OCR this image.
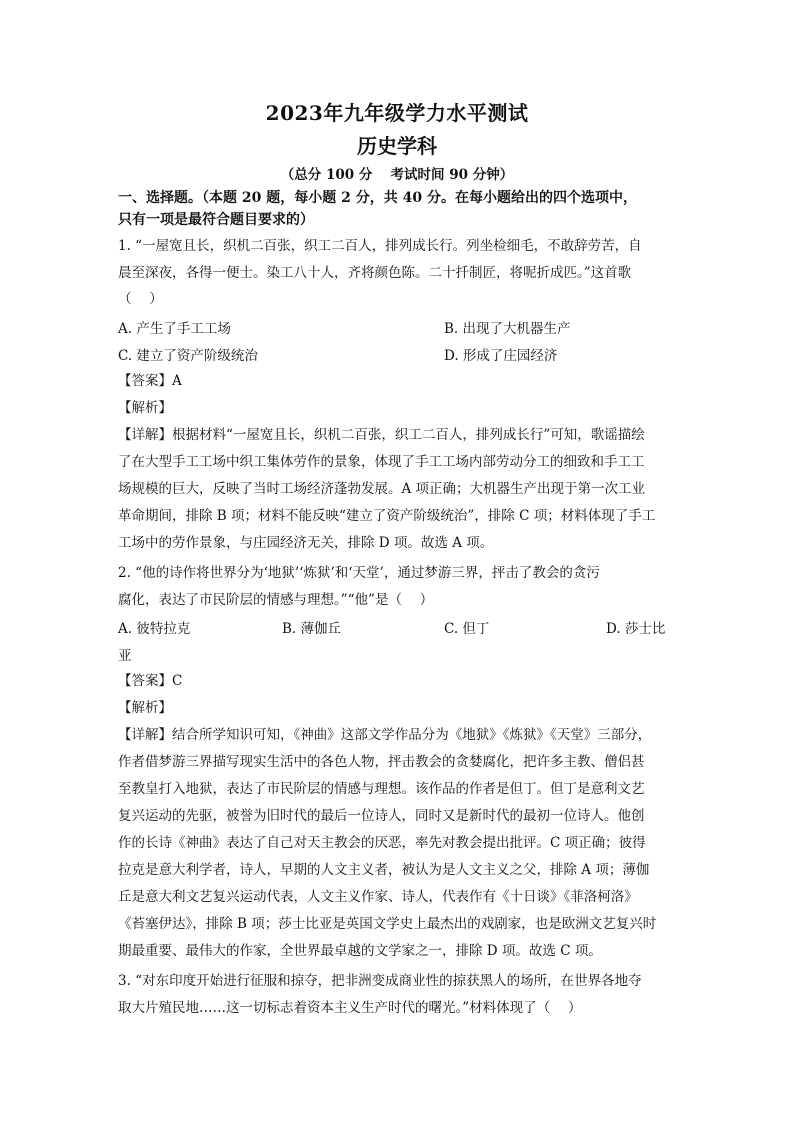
2023年九年级学力水平测试
历史学科
（总分 100 分　 考试时间 90 分钟）
一、选择题。（本题 20 题，每小题 2 分，共 40 分。在每小题给出的四个选项中，
只有一项是最符合题目要求的）
1. “一屋宽且长，织机二百张，织工二百人，排列成长行。列坐检细毛，不敢辞劳苦，自
晨至深夜，各得一便士。染工八十人，齐将颜色陈。二十扦制匠，将呢折成匹。”这首歌
（　 ）
A. 产生了手工工场	B. 出现了大机器生产
C. 建立了资产阶级统治	D. 形成了庄园经济
【答案】A
【解析】
【详解】根据材料“一屋宽且长，织机二百张，织工二百人，排列成长行”可知，歌谣描绘
了在大型手工工场中织工集体劳作的景象，体现了手工工场内部劳动分工的细致和手工工
场规模的巨大，反映了当时工场经济蓬勃发展。A 项正确；大机器生产出现于第一次工业
革命期间，排除 B 项；材料不能反映“建立了资产阶级统治”，排除 C 项；材料体现了手工
工场中的劳作景象，与庄园经济无关，排除 D 项。故选 A 项。
2. “他的诗作将世界分为‘地狱’‘炼狱’和‘天堂’，通过梦游三界，抨击了教会的贪污
腐化，表达了市民阶层的情感与理想。”“他”是（　 ）
A. 彼特拉克	B. 薄伽丘	C. 但丁	D. 莎士比
亚
【答案】C
【解析】
【详解】结合所学知识可知，《神曲》这部文学作品分为《地狱》《炼狱》《天堂》三部分，
作者借梦游三界描写现实生活中的各色人物，抨击教会的贪婪腐化，把许多主教、僧侣甚
至教皇打入地狱，表达了市民阶层的情感与理想。该作品的作者是但丁。但丁是意利文艺
复兴运动的先驱，被誉为旧时代的最后一位诗人，同时又是新时代的最初一位诗人。他创
作的长诗《神曲》表达了自己对天主教会的厌恶，率先对教会提出批评。C 项正确；彼得
拉克是意大利学者，诗人，早期的人文主义者，被认为是人文主义之父，排除 A 项；薄伽
丘是意大利文艺复兴运动代表，人文主义作家、诗人，代表作有《十日谈》《菲洛柯洛》
《苔塞伊达》，排除 B 项；莎士比亚是英国文学史上最杰出的戏剧家，也是欧洲文艺复兴时
期最重要、最伟大的作家，全世界最卓越的文学家之一，排除 D 项。故选 C 项。
3. “对东印度开始进行征服和掠夺，把非洲变成商业性的掠获黑人的场所，在世界各地夺
取大片殖民地……这一切标志着资本主义生产时代的曙光。”材料体现了（　 ）
